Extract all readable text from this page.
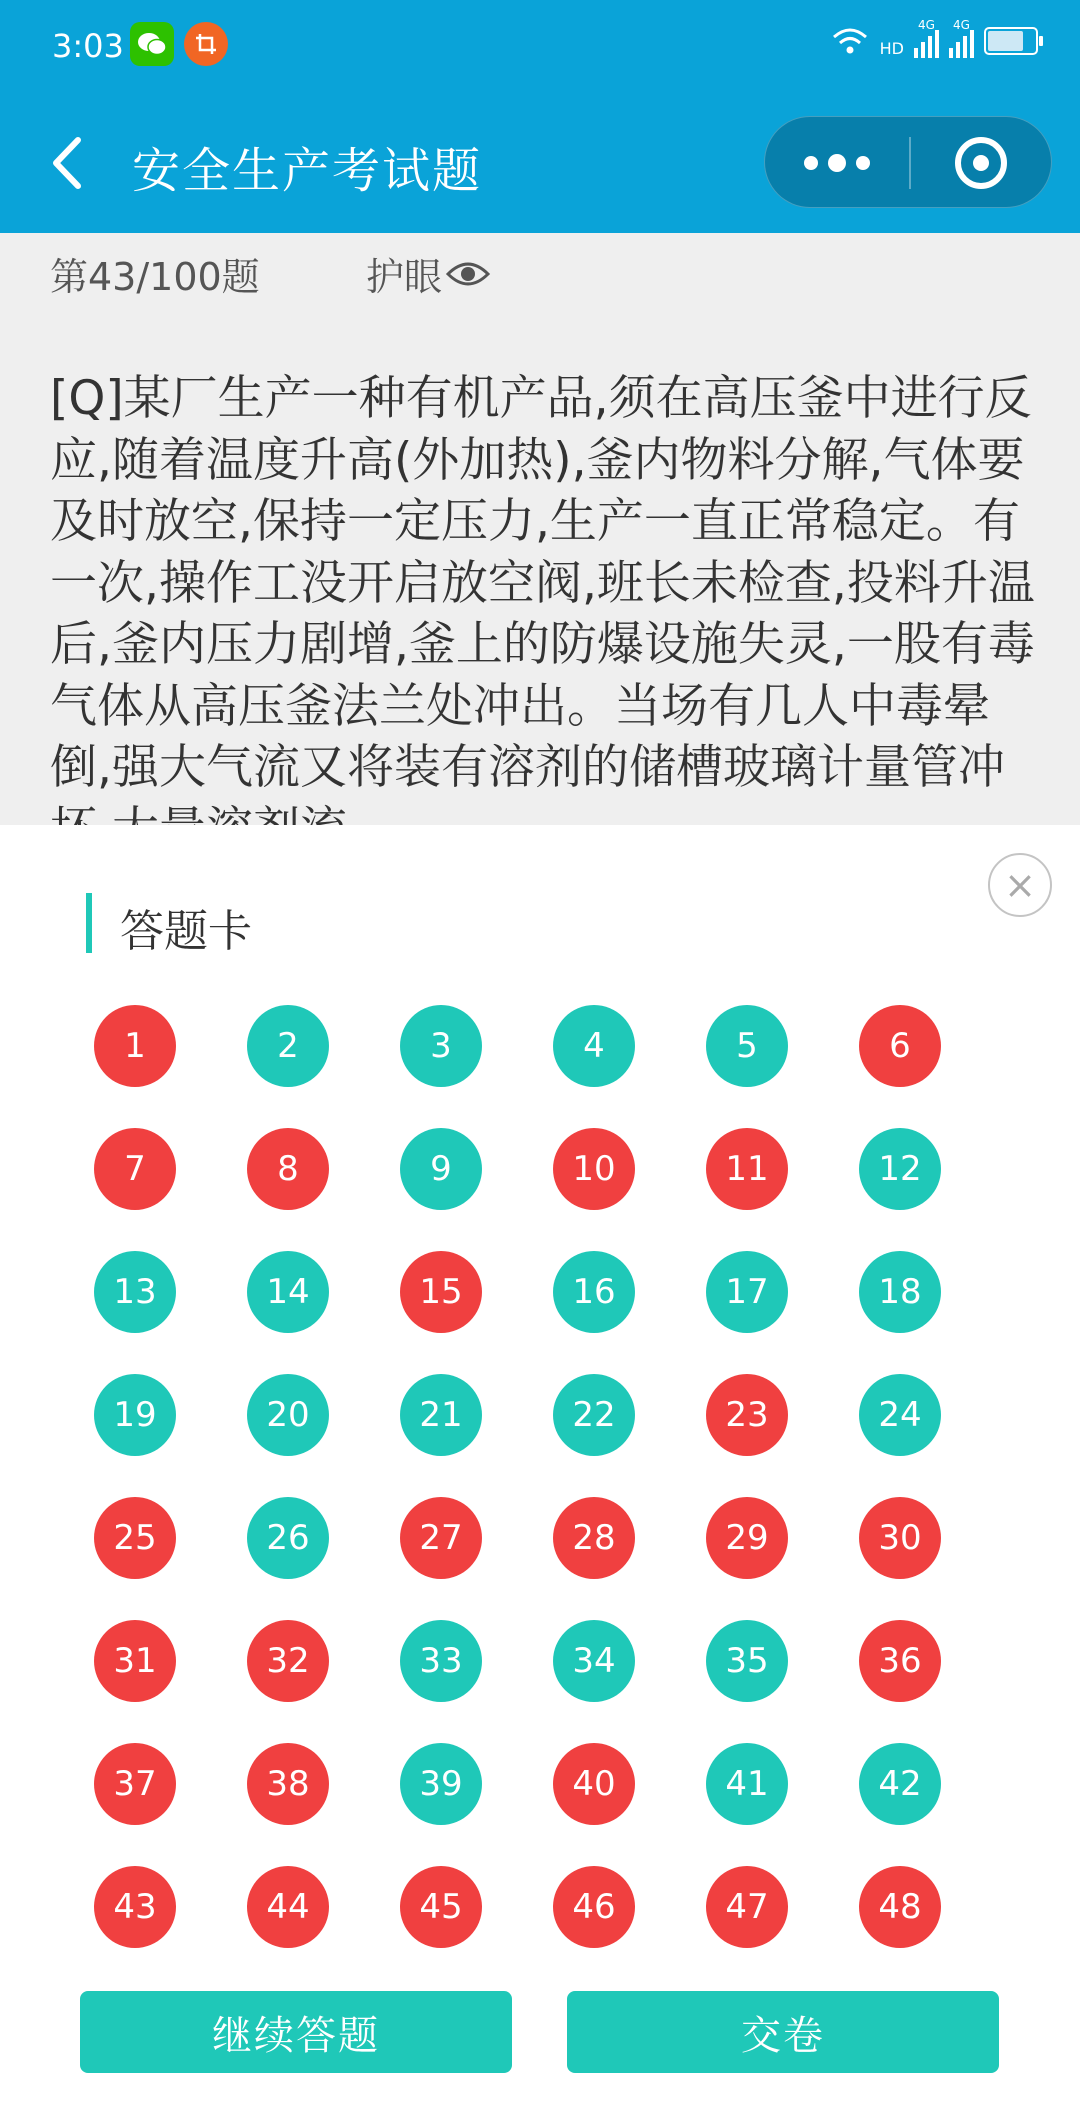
3:03	HD
4G 4G
安全生产考试题
第43/100题	护眼
[Q]某厂生产一种有机产品,须在高压釜中进行反应,随着温度升高(外加热),釜内物料分解,气体要及时放空,保持一定压力,生产一直正常稳定。有一次,操作工没开启放空阀,班长未检查,投料升温后,釜内压力剧增,釜上的防爆设施失灵,一股有毒气体从高压釜法兰处冲出。当场有几人中毒晕倒,强大气流又将装有溶剂的储槽玻璃计量管冲
×
答题卡
1	2	3	4	5	6
7	8	9	10	11	12
13	14	15	16	17	18
19	20	21	22	23	24
25	26	27	28	29	30
31	32	33	34	35	36
37	38	39	40	41	42
43	44	45	46	47	48
继续答题	交卷
